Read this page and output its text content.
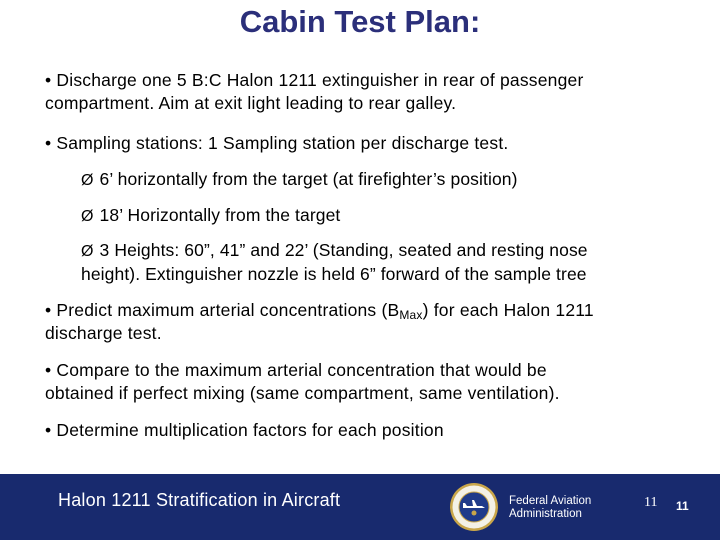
Cabin Test Plan:
• Discharge one 5 B:C Halon 1211 extinguisher in rear of passenger
compartment. Aim at exit light leading to rear galley.
• Sampling stations: 1 Sampling station per discharge test.
Ø 6’ horizontally from the target (at firefighter’s position)
Ø 18’ Horizontally from the target
Ø 3 Heights: 60”, 41” and 22’ (Standing, seated and resting nose
height). Extinguisher nozzle is held 6” forward of the sample tree
• Predict maximum arterial concentrations $(B_{Max})$ for each Halon 1211
discharge test.
• Compare to the maximum arterial concentration that would be
obtained if perfect mixing (same compartment, same ventilation).
• Determine multiplication factors for each position
Halon 1211 Stratification in Aircraft	Federal Aviation
Administration
11 11
